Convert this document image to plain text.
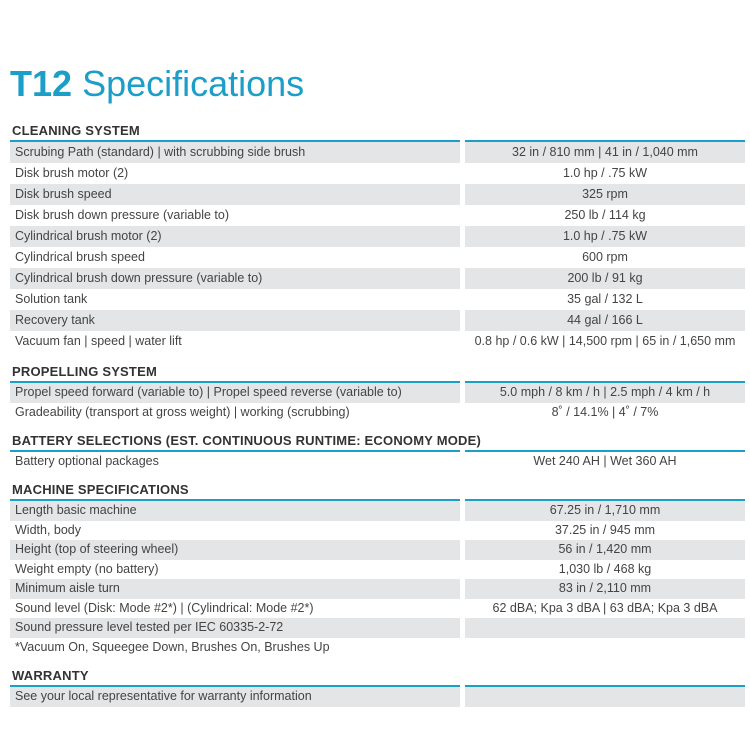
T12 Specifications
CLEANING SYSTEM
Scrubing Path (standard) | with scrubbing side brush	32 in / 810 mm | 41 in / 1,040 mm
Disk brush motor (2)	1.0 hp / .75 kW
Disk brush speed	325 rpm
Disk brush down pressure (variable to)	250 lb / 114 kg
Cylindrical brush motor (2)	1.0 hp / .75 kW
Cylindrical brush speed	600 rpm
Cylindrical brush down pressure (variable to)	200 lb / 91 kg
Solution tank	35 gal / 132 L
Recovery tank	44 gal / 166 L
Vacuum fan | speed | water lift	0.8 hp / 0.6 kW | 14,500 rpm | 65 in / 1,650 mm
PROPELLING SYSTEM
Propel speed forward (variable to) | Propel speed reverse (variable to)	5.0 mph / 8 km / h | 2.5 mph / 4 km / h
Gradeability (transport at gross weight) | working (scrubbing)	8˚ / 14.1% | 4˚ / 7%
BATTERY SELECTIONS (EST. CONTINUOUS RUNTIME: ECONOMY MODE)
Battery optional packages	Wet 240 AH | Wet 360 AH
MACHINE SPECIFICATIONS
Length basic machine	67.25 in / 1,710 mm
Width, body	37.25 in / 945 mm
Height (top of steering wheel)	56 in / 1,420 mm
Weight empty (no battery)	1,030 lb / 468 kg
Minimum aisle turn	83 in / 2,110 mm
Sound level (Disk: Mode #2*) | (Cylindrical: Mode #2*)	62 dBA; Kpa 3 dBA | 63 dBA; Kpa 3 dBA
Sound pressure level tested per IEC 60335-2-72
*Vacuum On, Squeegee Down, Brushes On, Brushes Up
WARRANTY
See your local representative for warranty information
